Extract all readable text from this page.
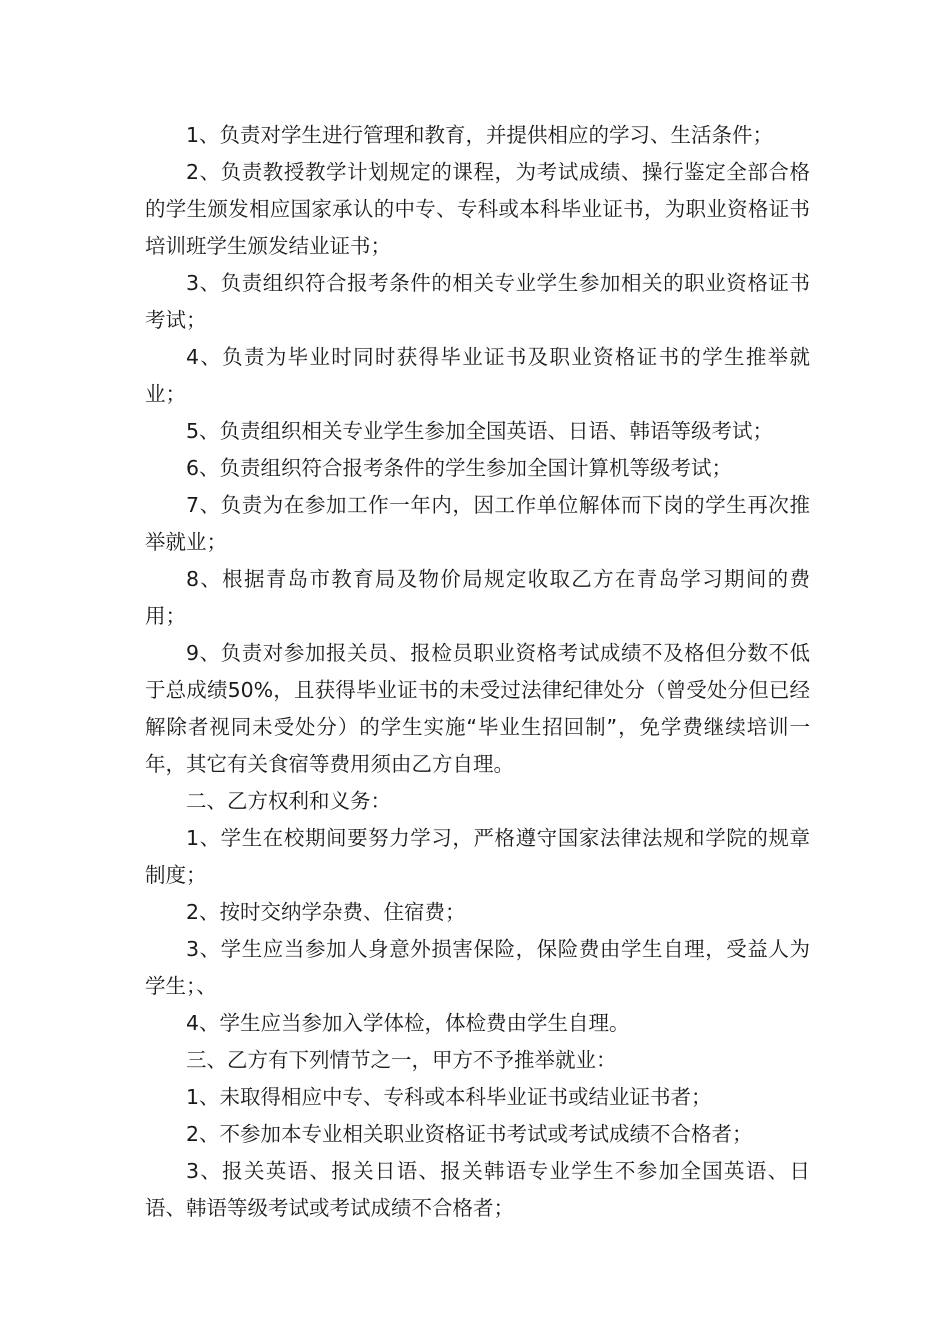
1、负责对学生进行管理和教育，并提供相应的学习、生活条件；

2、负责教授教学计划规定的课程，为考试成绩、操行鉴定全部合格的学生颁发相应国家承认的中专、专科或本科毕业证书，为职业资格证书培训班学生颁发结业证书；

3、负责组织符合报考条件的相关专业学生参加相关的职业资格证书考试；

4、负责为毕业时同时获得毕业证书及职业资格证书的学生推举就业；

5、负责组织相关专业学生参加全国英语、日语、韩语等级考试；

6、负责组织符合报考条件的学生参加全国计算机等级考试；

7、负责为在参加工作一年内，因工作单位解体而下岗的学生再次推举就业；

8、根据青岛市教育局及物价局规定收取乙方在青岛学习期间的费用；

9、负责对参加报关员、报检员职业资格考试成绩不及格但分数不低于总成绩50%，且获得毕业证书的未受过法律纪律处分（曾受处分但已经解除者视同未受处分）的学生实施“毕业生招回制”，免学费继续培训一年，其它有关食宿等费用须由乙方自理。

二、乙方权利和义务：

1、学生在校期间要努力学习，严格遵守国家法律法规和学院的规章制度；

2、按时交纳学杂费、住宿费；

3、学生应当参加人身意外损害保险，保险费由学生自理，受益人为学生；、

4、学生应当参加入学体检，体检费由学生自理。

三、乙方有下列情节之一，甲方不予推举就业：

1、未取得相应中专、专科或本科毕业证书或结业证书者；

2、不参加本专业相关职业资格证书考试或考试成绩不合格者；

3、报关英语、报关日语、报关韩语专业学生不参加全国英语、日语、韩语等级考试或考试成绩不合格者；
